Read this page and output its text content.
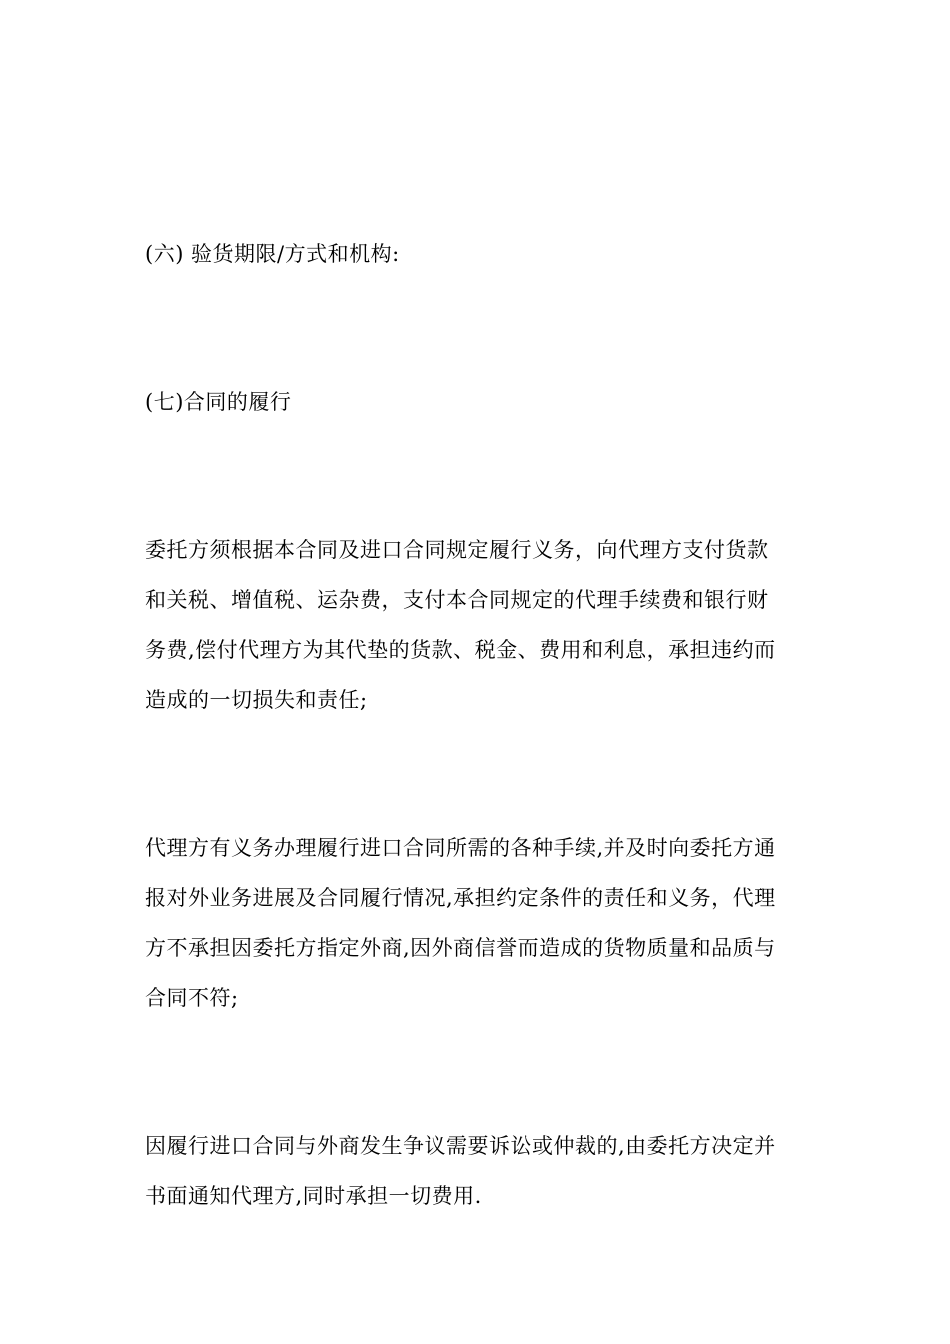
(六) 验货期限/方式和机构:
(七)合同的履行
委托方须根据本合同及进口合同规定履行义务，向代理方支付货款
和关税、增值税、运杂费，支付本合同规定的代理手续费和银行财
务费,偿付代理方为其代垫的货款、税金、费用和利息，承担违约而
造成的一切损失和责任;
代理方有义务办理履行进口合同所需的各种手续,并及时向委托方通
报对外业务进展及合同履行情况,承担约定条件的责任和义务，代理
方不承担因委托方指定外商,因外商信誉而造成的货物质量和品质与
合同不符;
因履行进口合同与外商发生争议需要诉讼或仲裁的,由委托方决定并
书面通知代理方,同时承担一切费用.
